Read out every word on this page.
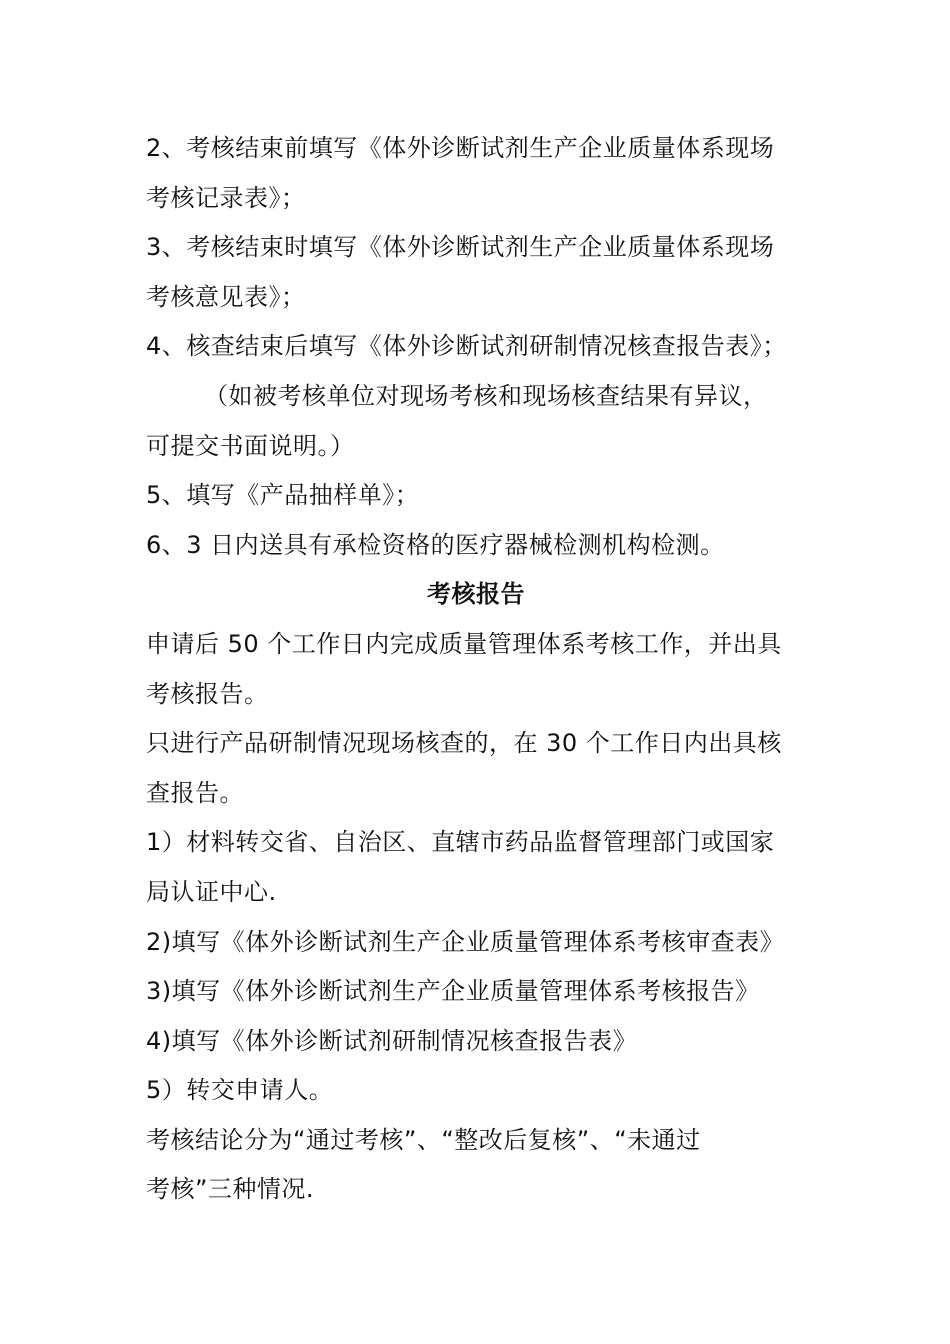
2、考核结束前填写《体外诊断试剂生产企业质量体系现场
考核记录表》；
3、考核结束时填写《体外诊断试剂生产企业质量体系现场
考核意见表》；
4、核查结束后填写《体外诊断试剂研制情况核查报告表》；
（如被考核单位对现场考核和现场核查结果有异议，
可提交书面说明。）
5、填写《产品抽样单》；
6、3 日内送具有承检资格的医疗器械检测机构检测。
考核报告
申请后 50 个工作日内完成质量管理体系考核工作，并出具
考核报告。
只进行产品研制情况现场核查的，在 30 个工作日内出具核
查报告。
1）材料转交省、自治区、直辖市药品监督管理部门或国家
局认证中心.
2)填写《体外诊断试剂生产企业质量管理体系考核审查表》
3)填写《体外诊断试剂生产企业质量管理体系考核报告》
4)填写《体外诊断试剂研制情况核查报告表》
5）转交申请人。
考核结论分为“通过考核”、“整改后复核”、“未通过
考核”三种情况.
